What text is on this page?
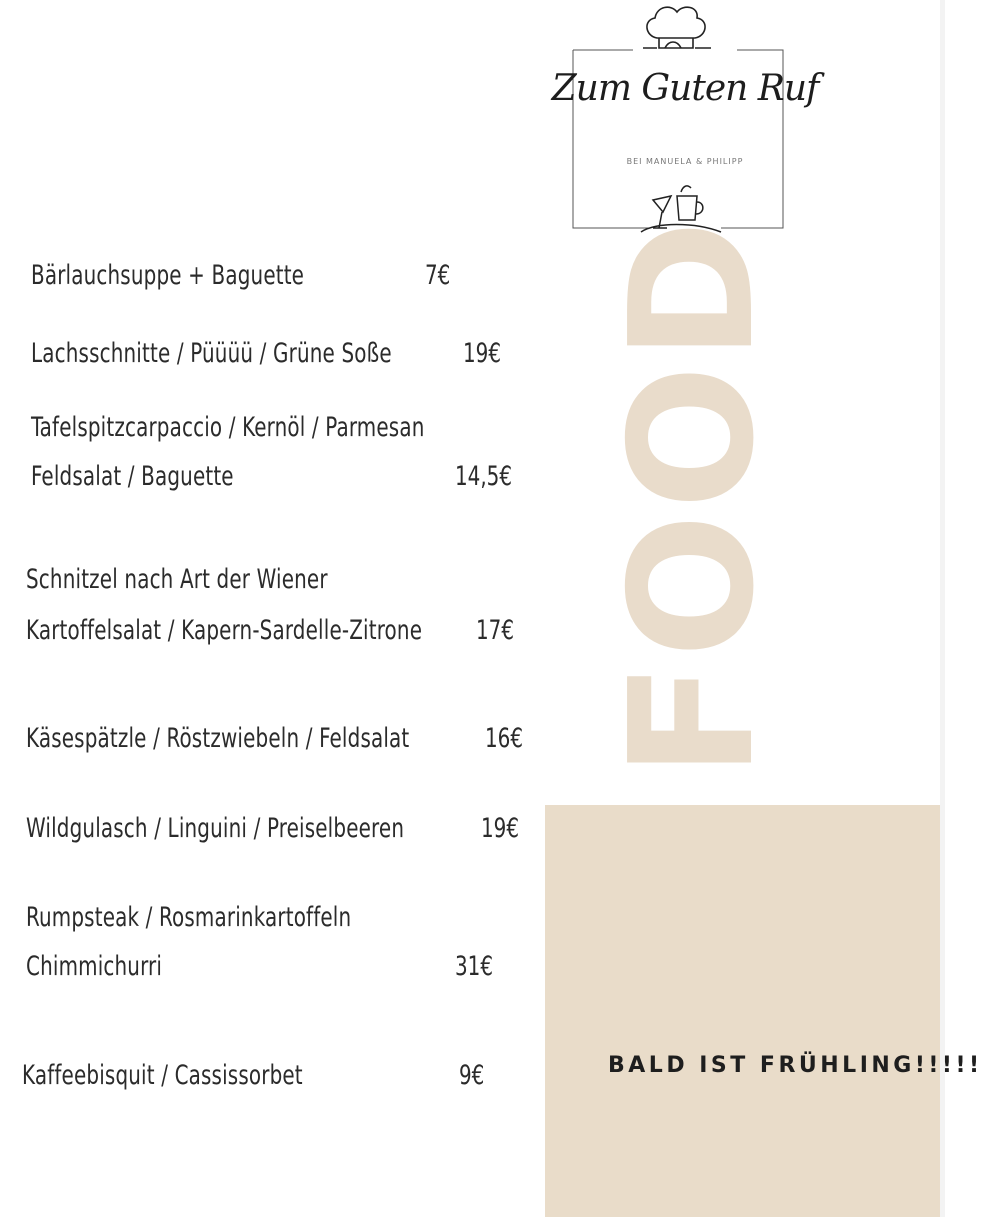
Zum Guten Ruf
BEI MANUELA & PHILIPP
FOOD
BALD IST FRÜHLING!!!!!
Bärlauchsuppe + Baguette	7€
Lachsschnitte / Püüüü / Grüne Soße	19€
Tafelspitzcarpaccio / Kernöl / Parmesan
Feldsalat / Baguette	14,5€
Schnitzel nach Art der Wiener
Kartoffelsalat / Kapern-Sardelle-Zitrone 17€
Käsespätzle / Röstzwiebeln / Feldsalat	16€
Wildgulasch / Linguini / Preiselbeeren	19€
Rumpsteak / Rosmarinkartoffeln
Chimmichurri	31€
Kaffeebisquit / Cassissorbet	9€
